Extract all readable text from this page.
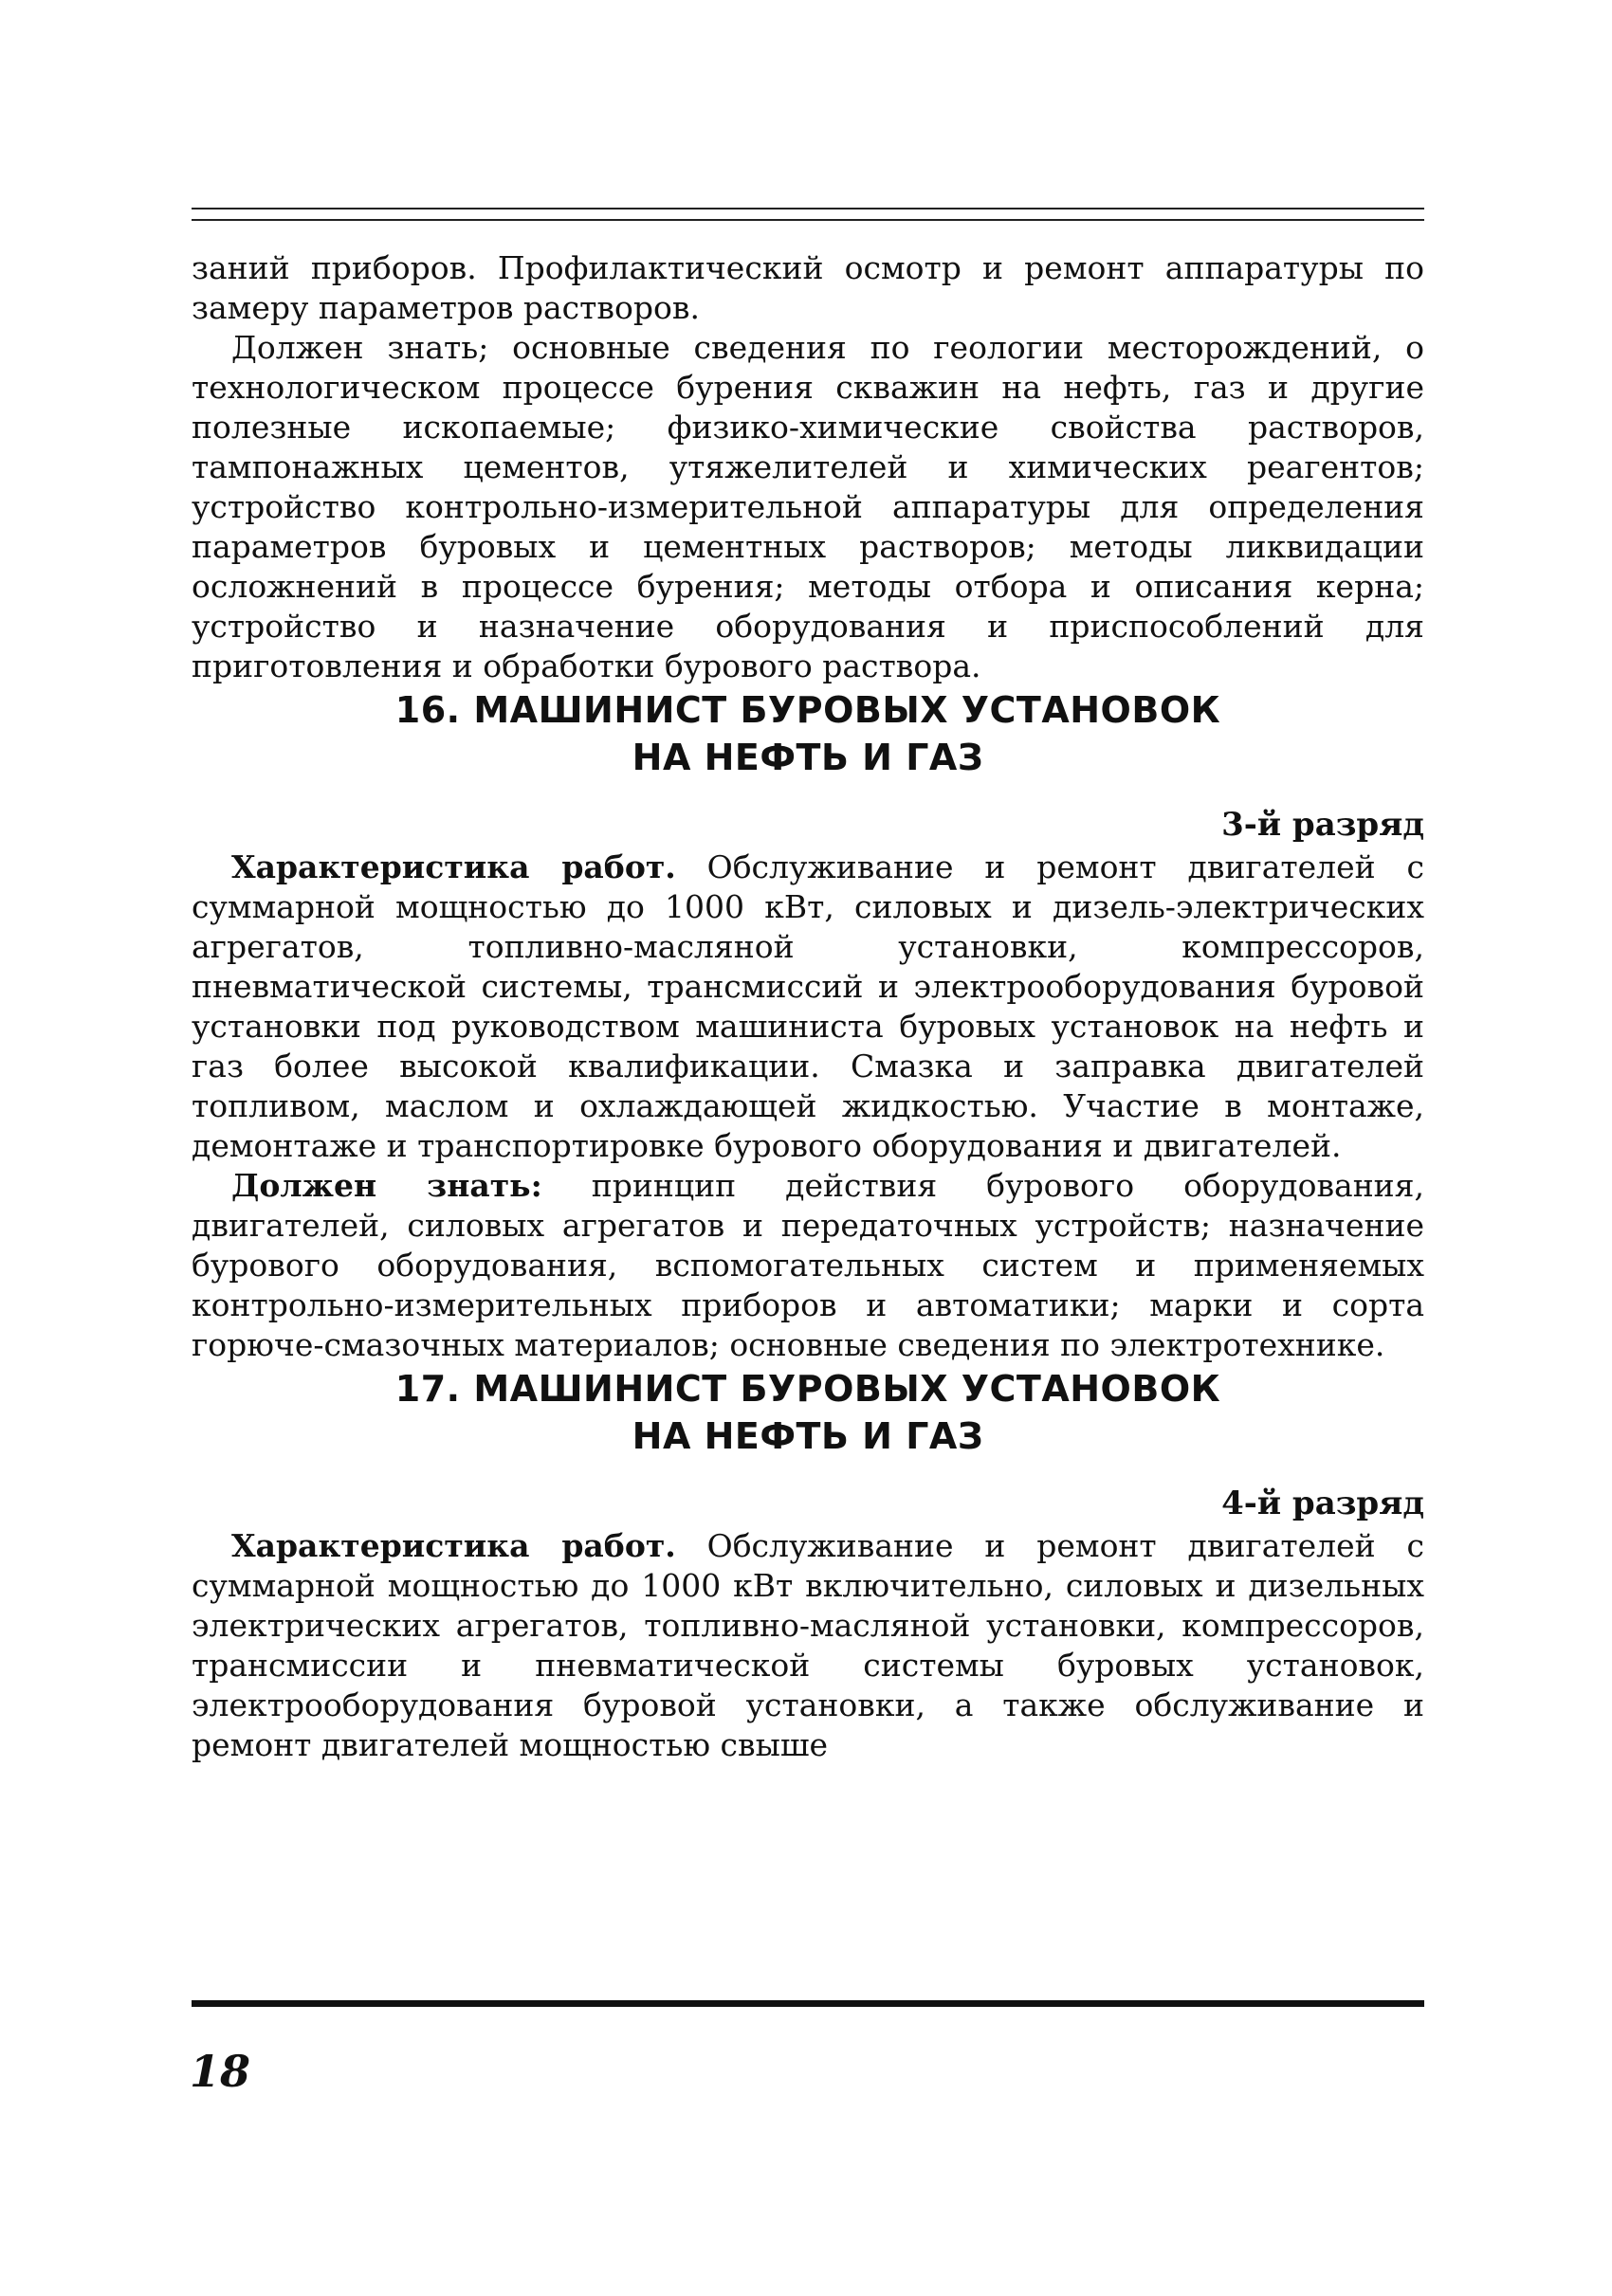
заний приборов. Профилактический осмотр и ремонт аппаратуры по замеру параметров растворов.

Должен знать; основные сведения по геологии месторождений, о технологическом процессе бурения скважин на нефть, газ и другие полезные ископаемые; физико-химические свойства растворов, тампонажных цементов, утяжелителей и химических реагентов; устройство контрольно-измерительной аппаратуры для определения параметров буровых и цементных растворов; методы ликвидации осложнений в процессе бурения; методы отбора и описания керна; устройство и назначение оборудования и приспособлений для приготовления и обработки бурового раствора.

16. МАШИНИСТ БУРОВЫХ УСТАНОВОК
НА НЕФТЬ И ГАЗ
3-й разряд

Характеристика работ. Обслуживание и ремонт двигателей с суммарной мощностью до 1000 кВт, силовых и дизель-электрических агрегатов, топливно-масляной установки, компрессоров, пневматической системы, трансмиссий и электрооборудования буровой установки под руководством машиниста буровых установок на нефть и газ более высокой квалификации. Смазка и заправка двигателей топливом, маслом и охлаждающей жидкостью. Участие в монтаже, демонтаже и транспортировке бурового оборудования и двигателей.

Должен знать: принцип действия бурового оборудования, двигателей, силовых агрегатов и передаточных устройств; назначение бурового оборудования, вспомогательных систем и применяемых контрольно-измерительных приборов и автоматики; марки и сорта горюче-смазочных материалов; основные сведения по электротехнике.

17. МАШИНИСТ БУРОВЫХ УСТАНОВОК
НА НЕФТЬ И ГАЗ
4-й разряд

Характеристика работ. Обслуживание и ремонт двигателей с суммарной мощностью до 1000 кВт включительно, силовых и дизельных электрических агрегатов, топливно-масляной установки, компрессоров, трансмиссии и пневматической системы буровых установок, электрооборудования буровой установки, а также обслуживание и ремонт двигателей мощностью свыше

18
